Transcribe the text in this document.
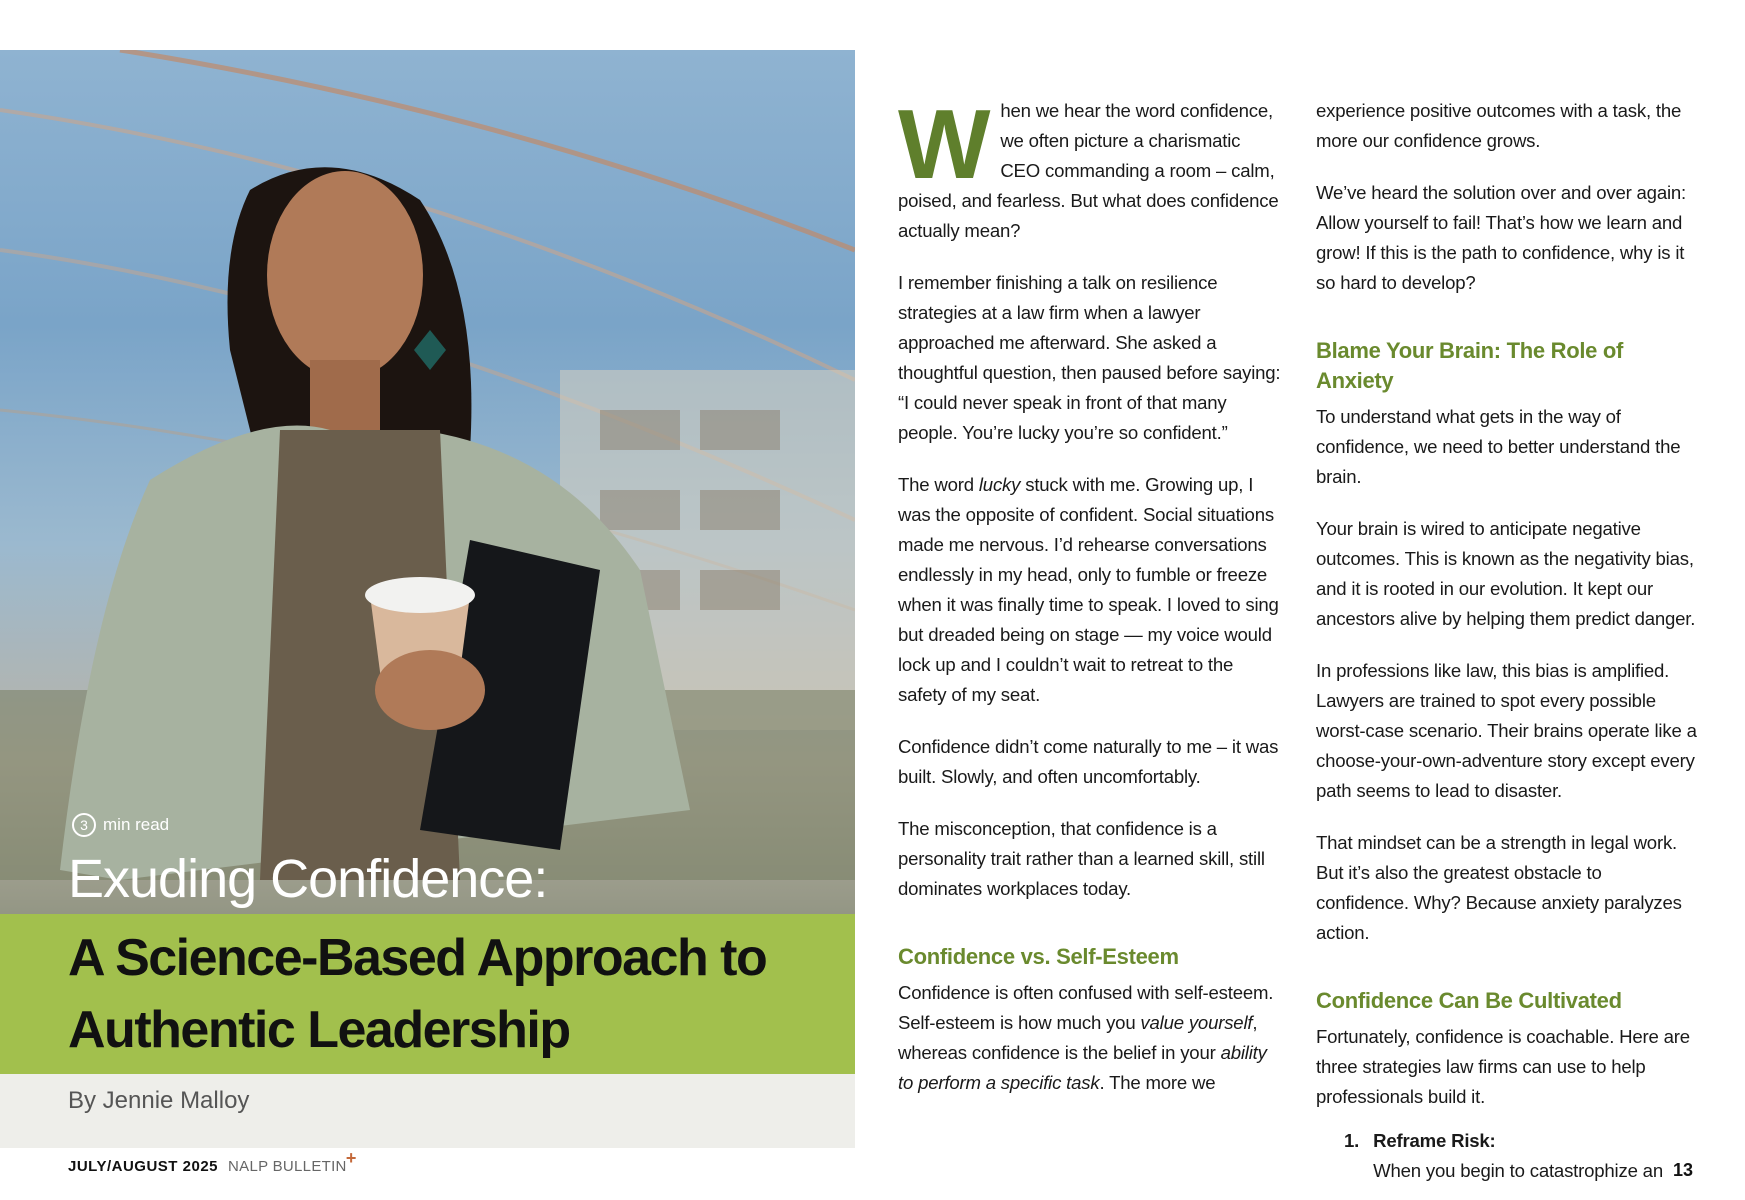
3 min read
Exuding Confidence:
A Science-Based Approach to Authentic Leadership
By Jennie Malloy
JULY/AUGUST 2025 NALP BULLETIN +
13

When we hear the word confidence, we often picture a charismatic CEO commanding a room – calm, poised, and fearless. But what does confidence actually mean?

I remember finishing a talk on resilience strategies at a law firm when a lawyer approached me afterward. She asked a thoughtful question, then paused before saying: “I could never speak in front of that many people. You’re lucky you’re so confident.”

The word lucky stuck with me. Growing up, I was the opposite of confident. Social situations made me nervous. I’d rehearse conversations endlessly in my head, only to fumble or freeze when it was finally time to speak. I loved to sing but dreaded being on stage — my voice would lock up and I couldn’t wait to retreat to the safety of my seat.

Confidence didn’t come naturally to me – it was built. Slowly, and often uncomfortably.

The misconception, that confidence is a personality trait rather than a learned skill, still dominates workplaces today.

Confidence vs. Self-Esteem

Confidence is often confused with self-esteem. Self-esteem is how much you value yourself, whereas confidence is the belief in your ability to perform a specific task. The more we

experience positive outcomes with a task, the more our confidence grows.

We’ve heard the solution over and over again: Allow yourself to fail! That’s how we learn and grow! If this is the path to confidence, why is it so hard to develop?

Blame Your Brain: The Role of Anxiety

To understand what gets in the way of confidence, we need to better understand the brain.

Your brain is wired to anticipate negative outcomes. This is known as the negativity bias, and it is rooted in our evolution. It kept our ancestors alive by helping them predict danger.

In professions like law, this bias is amplified. Lawyers are trained to spot every possible worst-case scenario. Their brains operate like a choose-your-own-adventure story except every path seems to lead to disaster.

That mindset can be a strength in legal work. But it’s also the greatest obstacle to confidence. Why? Because anxiety paralyzes action.

Confidence Can Be Cultivated

Fortunately, confidence is coachable. Here are three strategies law firms can use to help professionals build it.

1. Reframe Risk:
When you begin to catastrophize an
